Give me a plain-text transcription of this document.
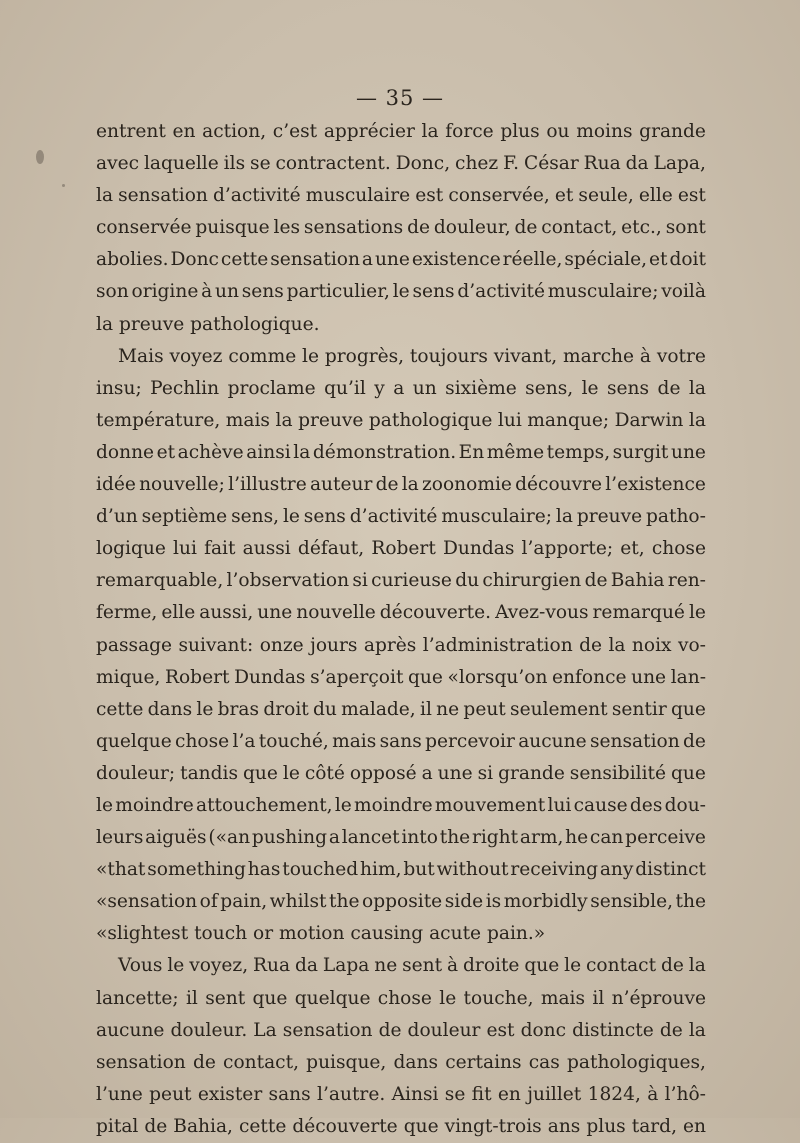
— 35 —
entrent en action, c’est apprécier la force plus ou moins grande
avec laquelle ils se contractent. Donc, chez F. César Rua da Lapa,
la sensation d’activité musculaire est conservée, et seule, elle est
conservée puisque les sensations de douleur, de contact, etc., sont
abolies. Donc cette sensation a une existence réelle, spéciale, et doit
son origine à un sens particulier, le sens d’activité musculaire; voilà
la preuve pathologique.
Mais voyez comme le progrès, toujours vivant, marche à votre
insu; Pechlin proclame qu’il y a un sixième sens, le sens de la
température, mais la preuve pathologique lui manque; Darwin la
donne et achève ainsi la démonstration. En même temps, surgit une
idée nouvelle; l’illustre auteur de la zoonomie découvre l’existence
d’un septième sens, le sens d’activité musculaire; la preuve patho-
logique lui fait aussi défaut, Robert Dundas l’apporte; et, chose
remarquable, l’observation si curieuse du chirurgien de Bahia ren-
ferme, elle aussi, une nouvelle découverte. Avez-vous remarqué le
passage suivant: onze jours après l’administration de la noix vo-
mique, Robert Dundas s’aperçoit que «lorsqu’on enfonce une lan-
cette dans le bras droit du malade, il ne peut seulement sentir que
quelque chose l’a touché, mais sans percevoir aucune sensation de
douleur; tandis que le côté opposé a une si grande sensibilité que
le moindre attouchement, le moindre mouvement lui cause des dou-
leurs aiguës («an pushing a lancet into the right arm, he can perceive
«that something has touched him, but without receiving any distinct
«sensation of pain, whilst the opposite side is morbidly sensible, the
«slightest touch or motion causing acute pain.»
Vous le voyez, Rua da Lapa ne sent à droite que le contact de la
lancette; il sent que quelque chose le touche, mais il n’éprouve
aucune douleur. La sensation de douleur est donc distincte de la
sensation de contact, puisque, dans certains cas pathologiques,
l’une peut exister sans l’autre. Ainsi se fit en juillet 1824, à l’hô-
pital de Bahia, cette découverte que vingt-trois ans plus tard, en
